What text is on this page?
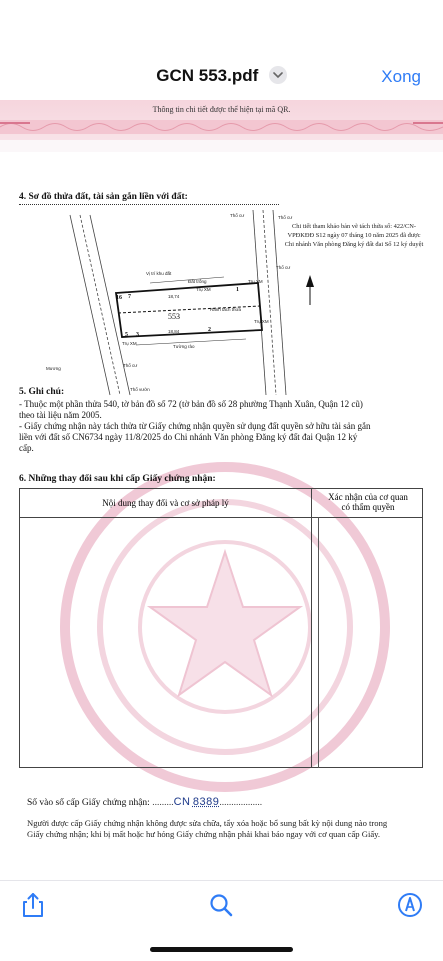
GCN 553.pdf	Xong
Thông tin chi tiết được thể hiện tại mã QR.
4. Sơ đồ thửa đất, tài sản gắn liền với đất:
553
18,74
18,84
Ranh tách thửa
Tường rào
Vị trí khu đất
Đất trống
Thổ cư	Thổ cư
Thổ cư
Thổ cư
Thổ vườn
Mương
Trụ XM
Trụ XM
Trụ XM
Trụ XM
1
2
3
5
7
16
Chi tiết tham khảo bản vẽ tách thửa số: 422/CN-VPĐKĐĐ S12 ngày 07 tháng 10 năm 2025 đã được Chi nhánh Văn phòng Đăng ký đất đai Số 12 ký duyệt
5. Ghi chú:
- Thuộc một phần thửa 540, tờ bản đồ số 72 (tờ bản đồ số 28 phường Thạnh Xuân, Quận 12 cũ)
theo tài liệu năm 2005.
- Giấy chứng nhận này tách thửa từ Giấy chứng nhận quyền sử dụng đất quyền sở hữu tài sản gắn
liền với đất số CN6734 ngày 11/8/2025 do Chi nhánh Văn phòng Đăng ký đất đai Quận 12 ký
cấp.
6. Những thay đổi sau khi cấp Giấy chứng nhận:
Nội dung thay đổi và cơ sở pháp lý
Xác nhận của cơ quan
có thẩm quyền
Số vào sổ cấp Giấy chứng nhận: .........CN 8389..................
Người được cấp Giấy chứng nhận không được sửa chữa, tẩy xóa hoặc bổ sung bất kỳ nội dung nào trong
Giấy chứng nhận; khi bị mất hoặc hư hỏng Giấy chứng nhận phải khai báo ngay với cơ quan cấp Giấy.
